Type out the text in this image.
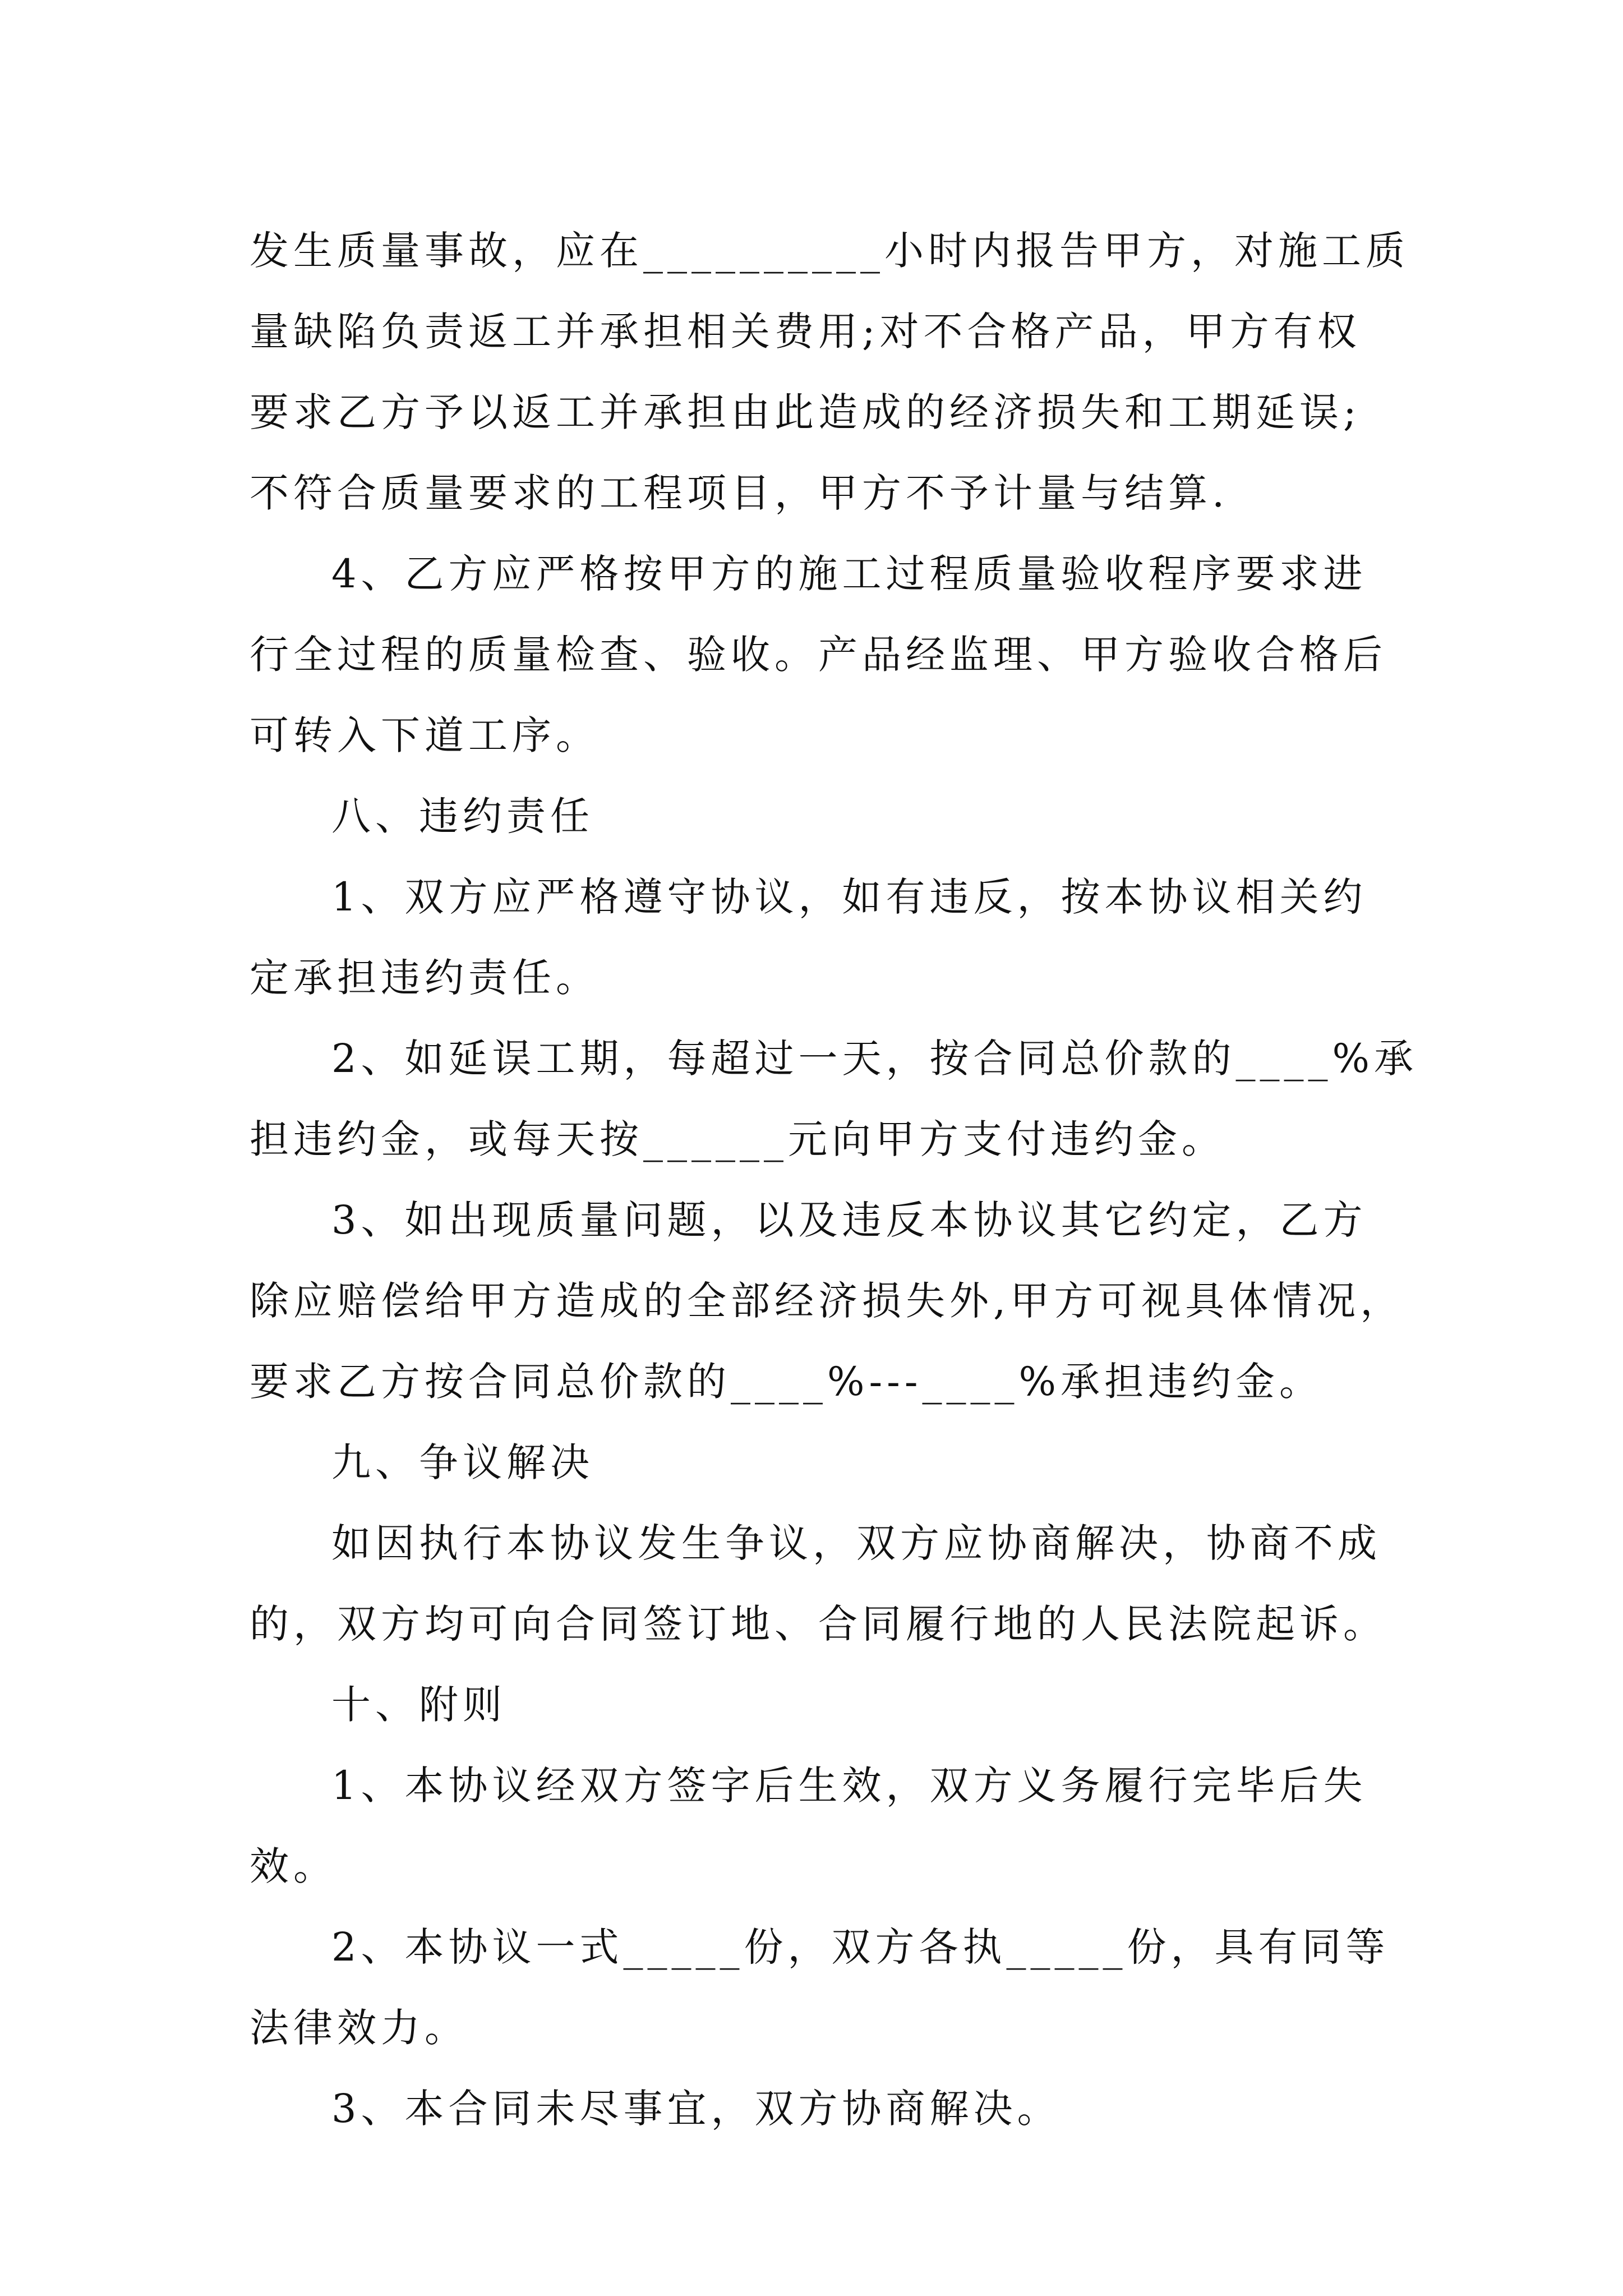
发生质量事故，应在__________小时内报告甲方，对施工质
量缺陷负责返工并承担相关费用;对不合格产品，甲方有权
要求乙方予以返工并承担由此造成的经济损失和工期延误;
不符合质量要求的工程项目，甲方不予计量与结算.
4、乙方应严格按甲方的施工过程质量验收程序要求进
行全过程的质量检查、验收。产品经监理、甲方验收合格后
可转入下道工序。
八、违约责任
1、双方应严格遵守协议，如有违反，按本协议相关约
定承担违约责任。
2、如延误工期，每超过一天，按合同总价款的____%承
担违约金，或每天按______元向甲方支付违约金。
3、如出现质量问题，以及违反本协议其它约定，乙方
除应赔偿给甲方造成的全部经济损失外,甲方可视具体情况，
要求乙方按合同总价款的____%---____%承担违约金。
九、争议解决
如因执行本协议发生争议，双方应协商解决，协商不成
的，双方均可向合同签订地、合同履行地的人民法院起诉。
十、附则
1、本协议经双方签字后生效，双方义务履行完毕后失
效。
2、本协议一式_____份，双方各执_____份，具有同等
法律效力。
3、本合同未尽事宜，双方协商解决。
